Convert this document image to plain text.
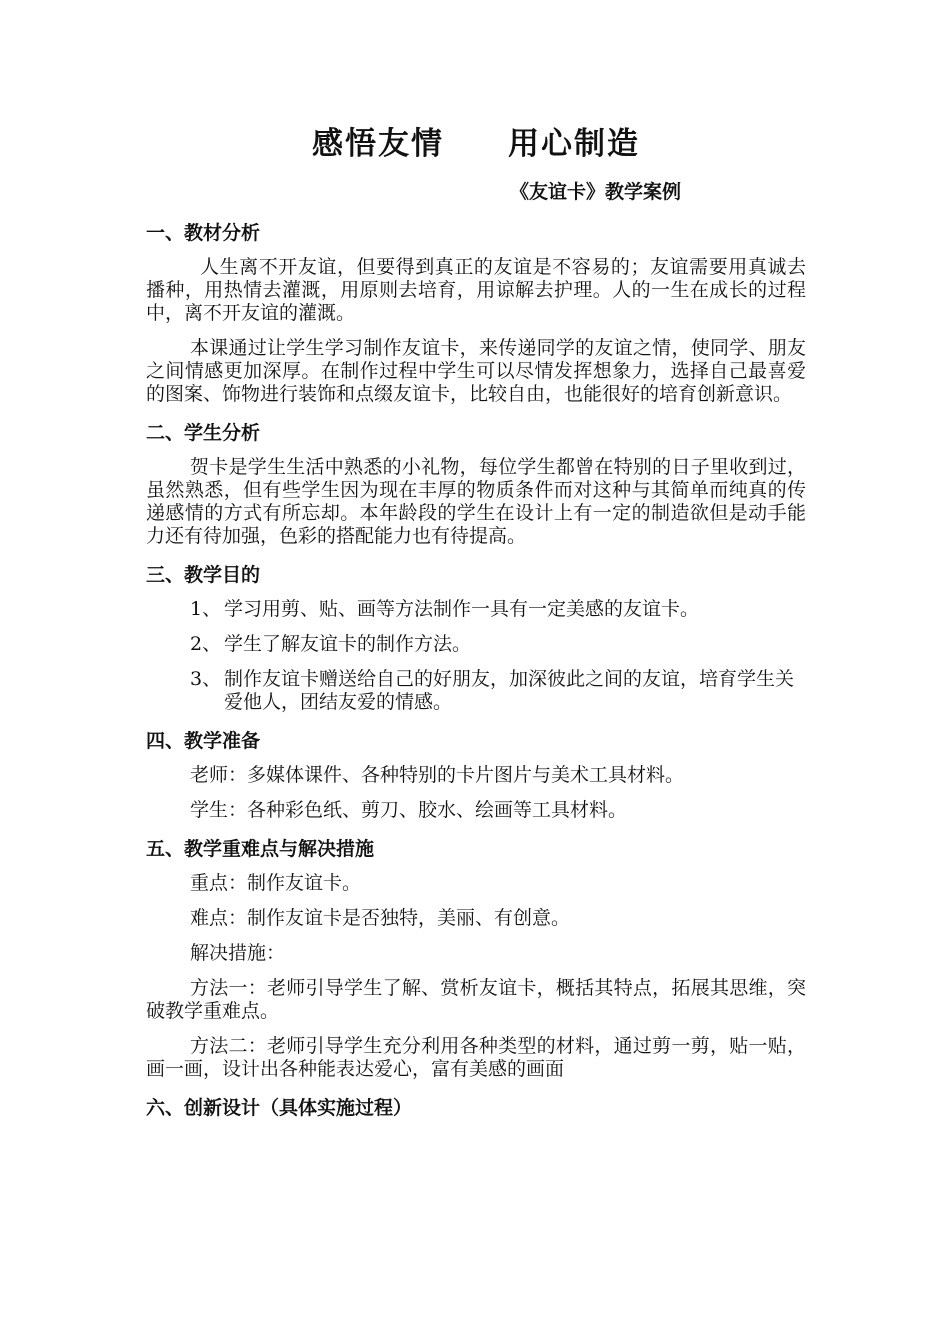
感悟友情     用心制造
《友谊卡》教学案例
一、教材分析

人生离不开友谊，但要得到真正的友谊是不容易的；友谊需要用真诚去播种，用热情去灌溉，用原则去培育，用谅解去护理。人的一生在成长的过程中，离不开友谊的灌溉。

本课通过让学生学习制作友谊卡，来传递同学的友谊之情，使同学、朋友之间情感更加深厚。在制作过程中学生可以尽情发挥想象力，选择自己最喜爱的图案、饰物进行装饰和点缀友谊卡，比较自由，也能很好的培育创新意识。

二、学生分析

贺卡是学生生活中熟悉的小礼物，每位学生都曾在特别的日子里收到过，虽然熟悉，但有些学生因为现在丰厚的物质条件而对这种与其简单而纯真的传递感情的方式有所忘却。本年龄段的学生在设计上有一定的制造欲但是动手能力还有待加强，色彩的搭配能力也有待提高。

三、教学目的
1、 学习用剪、贴、画等方法制作一具有一定美感的友谊卡。
2、 学生了解友谊卡的制作方法。
3、 制作友谊卡赠送给自己的好朋友，加深彼此之间的友谊，培育学生关爱他人，团结友爱的情感。
四、教学准备

老师：多媒体课件、各种特别的卡片图片与美术工具材料。

学生：各种彩色纸、剪刀、胶水、绘画等工具材料。

五、教学重难点与解决措施

重点：制作友谊卡。

难点：制作友谊卡是否独特，美丽、有创意。

解决措施：

方法一：老师引导学生了解、赏析友谊卡，概括其特点，拓展其思维，突破教学重难点。

方法二：老师引导学生充分利用各种类型的材料，通过剪一剪，贴一贴，画一画，设计出各种能表达爱心，富有美感的画面

六、创新设计（具体实施过程）
